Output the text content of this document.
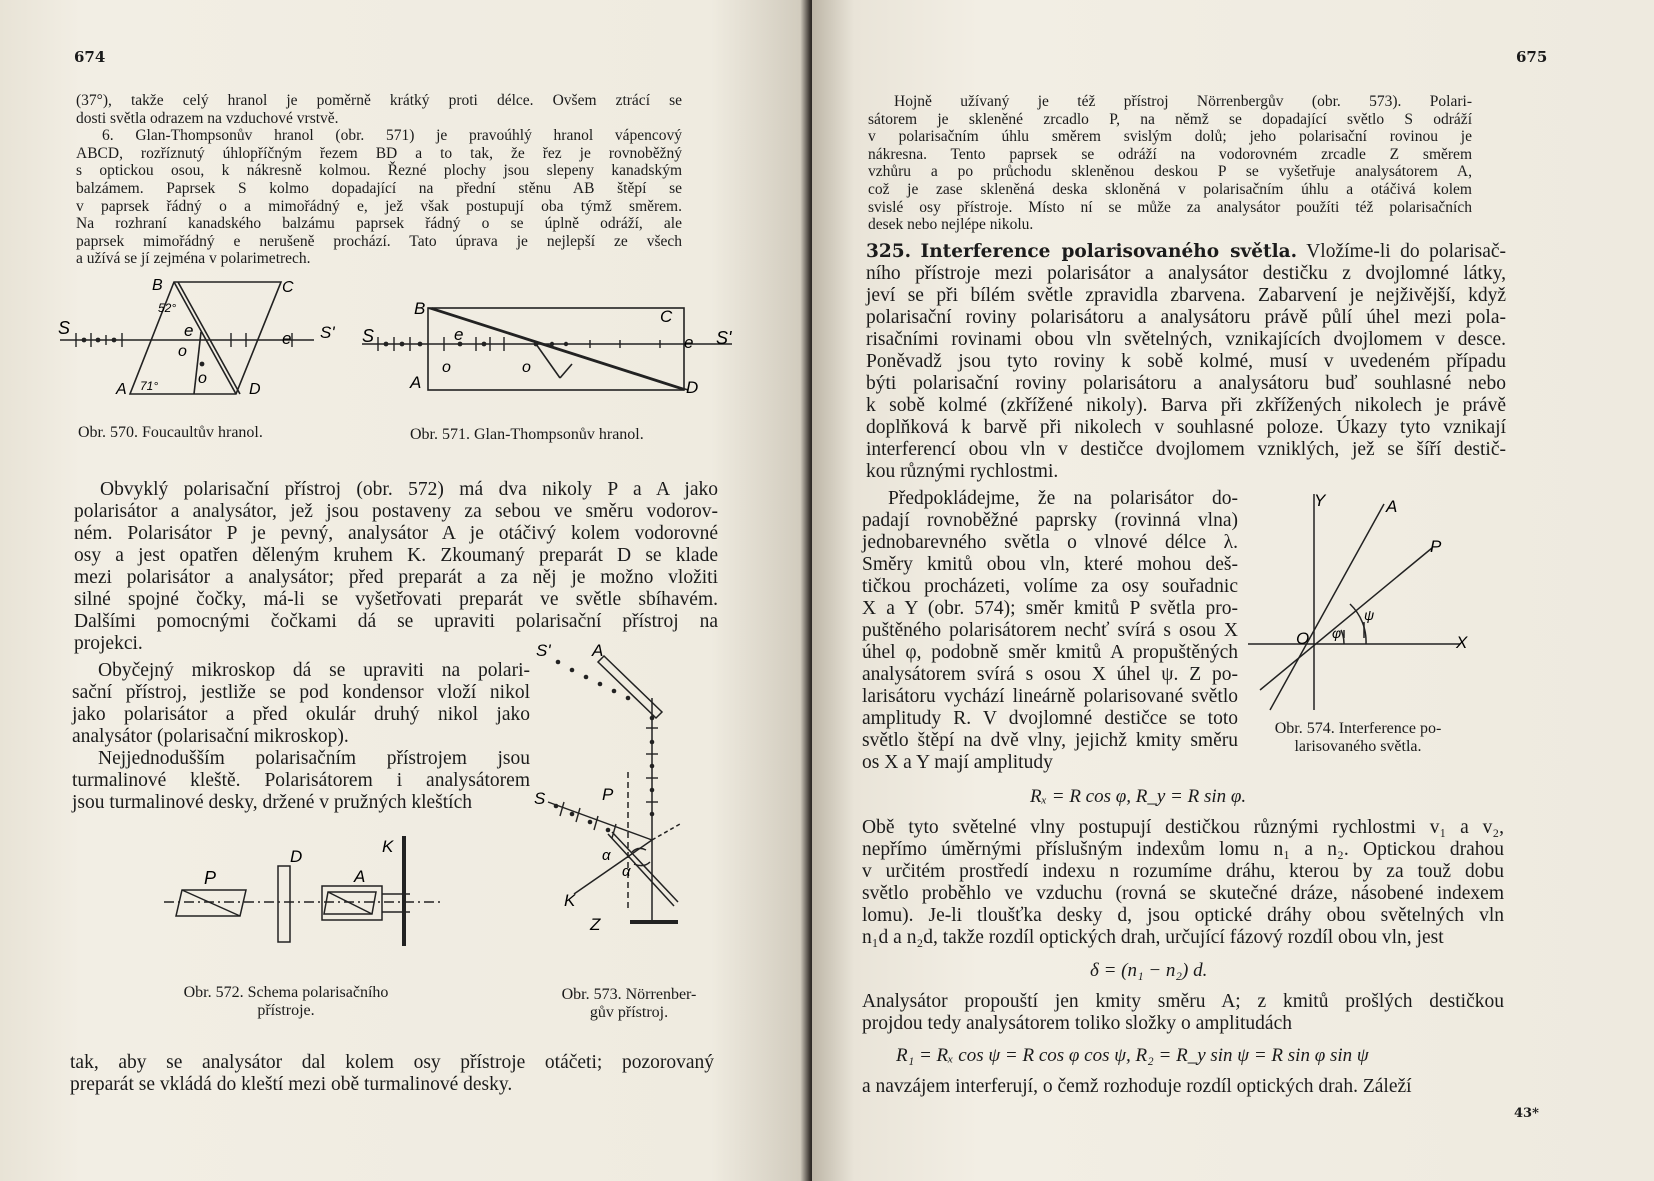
674

(37°), takže celý hranol je poměrně krátký proti délce. Ovšem ztrácí se

dosti světla odrazem na vzduchové vrstvě.

6. Glan-Thompsonův hranol (obr. 571) je pravoúhlý hranol vápencový

ABCD, rozříznutý úhlopříčným řezem BD a to tak, že řez je rovnoběžný

s optickou osou, k nákresně kolmou. Řezné plochy jsou slepeny kanadským

balzámem. Paprsek S kolmo dopadající na přední stěnu AB štěpí se

v paprsek řádný o a mimořádný e, jež však postupují oba týmž směrem.

Na rozhraní kanadského balzámu paprsek řádný o se úplně odráží, ale

paprsek mimořádný e nerušeně prochází. Tato úprava je nejlepší ze všech

a užívá se jí zejména v polarimetrech.

B	C
A	D
S	S'
e	e
o
o
52°
71°
B	C
A	D
S	S'
e	e
o	o
Obr. 570. Foucaultův hranol.	Obr. 571. Glan-Thompsonův hranol.

Obvyklý polarisační přístroj (obr. 572) má dva nikoly P a A jako

polarisátor a analysátor, jež jsou postaveny za sebou ve směru vodorov-

ném. Polarisátor P je pevný, analysátor A je otáčivý kolem vodorovné

osy a jest opatřen děleným kruhem K. Zkoumaný preparát D se klade

mezi polarisátor a analysátor; před preparát a za něj je možno vložiti

silné spojné čočky, má-li se vyšetřovati preparát ve světle sbíhavém.

Dalšími pomocnými čočkami dá se upraviti polarisační přístroj na

projekci.

Obyčejný mikroskop dá se upraviti na polari-

sační přístroj, jestliže se pod kondensor vloží nikol

jako polarisátor a před okulár druhý nikol jako

analysátor (polarisační mikroskop).

Nejjednodušším polarisačním přístrojem jsou

turmalinové kleště. Polarisátorem i analysátorem

jsou turmalinové desky, držené v pružných kleštích

P
D
A
K
S' A
S	P
α
α
K
Z
Obr. 572. Schema polarisačního
přístroje.
Obr. 573. Nörrenber-
gův přístroj.

tak, aby se analysátor dal kolem osy přístroje otáčeti; pozorovaný

preparát se vkládá do kleští mezi obě turmalinové desky.

675

Hojně užívaný je též přístroj Nörrenbergův (obr. 573). Polari-

sátorem je skleněné zrcadlo P, na němž se dopadající světlo S odráží

v polarisačním úhlu směrem svislým dolů; jeho polarisační rovinou je

nákresna. Tento paprsek se odráží na vodorovném zrcadle Z směrem

vzhůru a po průchodu skleněnou deskou P se vyšetřuje analysátorem A,

což je zase skleněná deska skloněná v polarisačním úhlu a otáčivá kolem

svislé osy přístroje. Místo ní se může za analysátor použíti též polarisačních

desek nebo nejlépe nikolu.

325. Interference polarisovaného světla. Vložíme-li do polarisač-

ního přístroje mezi polarisátor a analysátor destičku z dvojlomné látky,

jeví se při bílém světle zpravidla zbarvena. Zabarvení je nejživější, když

polarisační roviny polarisátoru a analysátoru právě půlí úhel mezi pola-

risačními rovinami obou vln světelných, vznikajících dvojlomem v desce.

Poněvadž jsou tyto roviny k sobě kolmé, musí v uvedeném případu

býti polarisační roviny polarisátoru a analysátoru buď souhlasné nebo

k sobě kolmé (zkřížené nikoly). Barva při zkřížených nikolech je právě

doplňková k barvě při nikolech v souhlasné poloze. Úkazy tyto vznikají

interferencí obou vln v destičce dvojlomem vzniklých, jež se šíří destič-

kou různými rychlostmi.

Předpokládejme, že na polarisátor do-

padají rovnoběžné paprsky (rovinná vlna)

jednobarevného světla o vlnové délce λ.

Směry kmitů obou vln, které mohou deš-

tičkou procházeti, volíme za osy souřadnic

X a Y (obr. 574); směr kmitů P světla pro-

puštěného polarisátorem nechť svírá s osou X

úhel φ, podobně směr kmitů A propuštěných

analysátorem svírá s osou X úhel ψ. Z po-

larisátoru vychází lineárně polarisované světlo

amplitudy R. V dvojlomné destičce se toto

světlo štěpí na dvě vlny, jejichž kmity směru

os X a Y mají amplitudy

Y	A
P
O	X
φ
ψ
Obr. 574. Interference po-
larisovaného světla.
Rₓ = R cos φ, R_y = R sin φ.

Obě tyto světelné vlny postupují destičkou různými rychlostmi v₁ a v₂,

nepřímo úměrnými příslušným indexům lomu n₁ a n₂. Optickou drahou

v určitém prostředí indexu n rozumíme dráhu, kterou by za touž dobu

světlo proběhlo ve vzduchu (rovná se skutečné dráze, násobené indexem

lomu). Je-li tloušťka desky d, jsou optické dráhy obou světelných vln

n₁d a n₂d, takže rozdíl optických drah, určující fázový rozdíl obou vln, jest

δ = (n₁ − n₂) d.

Analysátor propouští jen kmity směru A; z kmitů prošlých destičkou

projdou tedy analysátorem toliko složky o amplitudách

R₁ = Rₓ cos ψ = R cos φ cos ψ, R₂ = R_y sin ψ = R sin φ sin ψ

a navzájem interferují, o čemž rozhoduje rozdíl optických drah. Záleží

43*
